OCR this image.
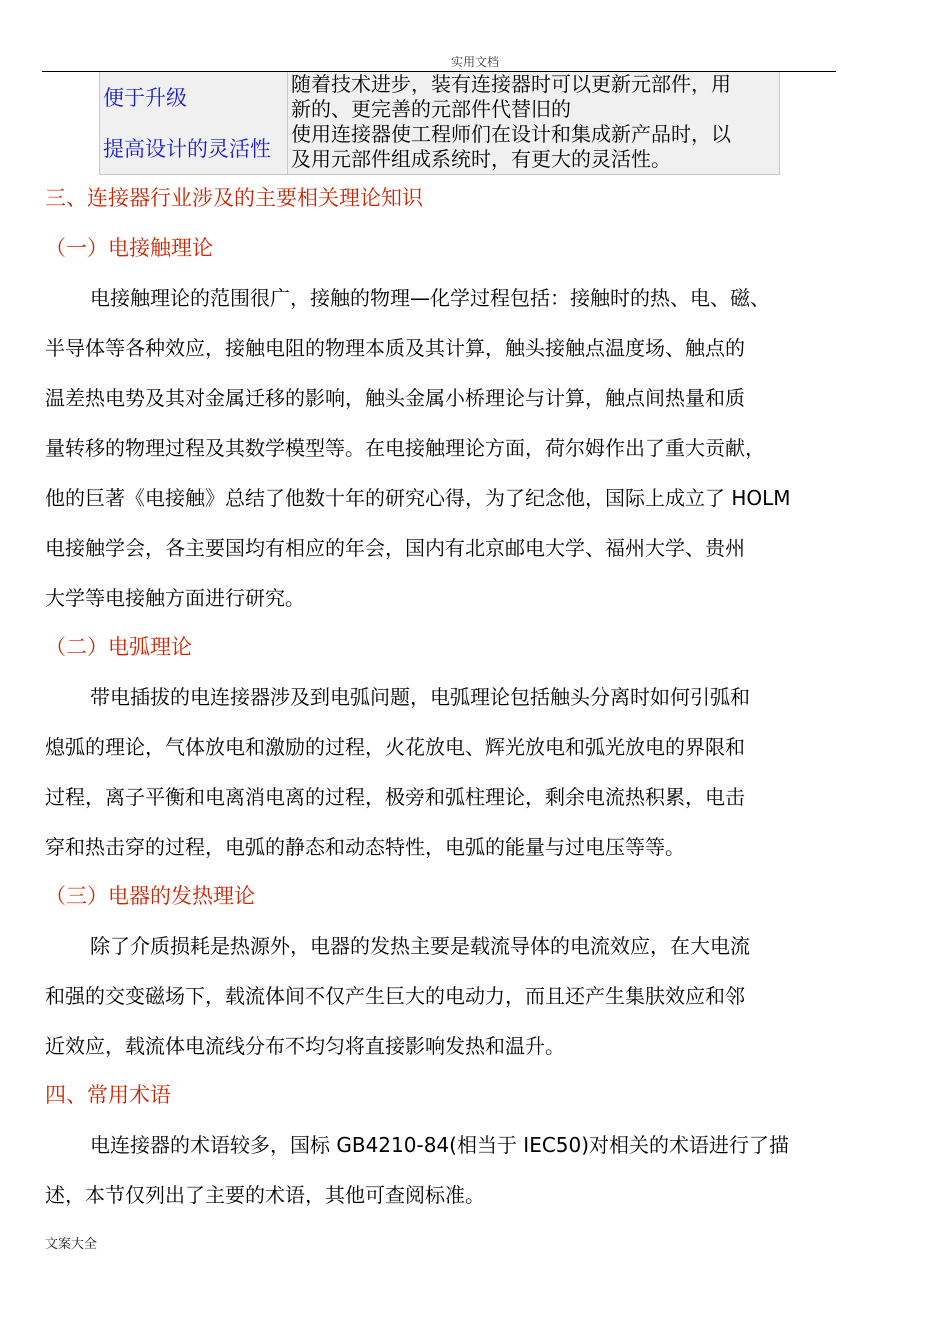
实用文档
便于升级
随着技术进步，装有连接器时可以更新元部件，用
新的、更完善的元部件代替旧的
提高设计的灵活性
使用连接器使工程师们在设计和集成新产品时，以
及用元部件组成系统时，有更大的灵活性。
三、连接器行业涉及的主要相关理论知识
（一）电接触理论
电接触理论的范围很广，接触的物理—化学过程包括：接触时的热、电、磁、
半导体等各种效应，接触电阻的物理本质及其计算，触头接触点温度场、触点的
温差热电势及其对金属迁移的影响，触头金属小桥理论与计算，触点间热量和质
量转移的物理过程及其数学模型等。在电接触理论方面，荷尔姆作出了重大贡献，
他的巨著《电接触》总结了他数十年的研究心得，为了纪念他，国际上成立了 HOLM
电接触学会，各主要国均有相应的年会，国内有北京邮电大学、福州大学、贵州
大学等电接触方面进行研究。
（二）电弧理论
带电插拔的电连接器涉及到电弧问题，电弧理论包括触头分离时如何引弧和
熄弧的理论，气体放电和激励的过程，火花放电、辉光放电和弧光放电的界限和
过程，离子平衡和电离消电离的过程，极旁和弧柱理论，剩余电流热积累，电击
穿和热击穿的过程，电弧的静态和动态特性，电弧的能量与过电压等等。
（三）电器的发热理论
除了介质损耗是热源外，电器的发热主要是载流导体的电流效应，在大电流
和强的交变磁场下，载流体间不仅产生巨大的电动力，而且还产生集肤效应和邻
近效应，载流体电流线分布不均匀将直接影响发热和温升。
四、常用术语
电连接器的术语较多，国标 GB4210-84(相当于 IEC50)对相关的术语进行了描
述，本节仅列出了主要的术语，其他可查阅标准。
文案大全
